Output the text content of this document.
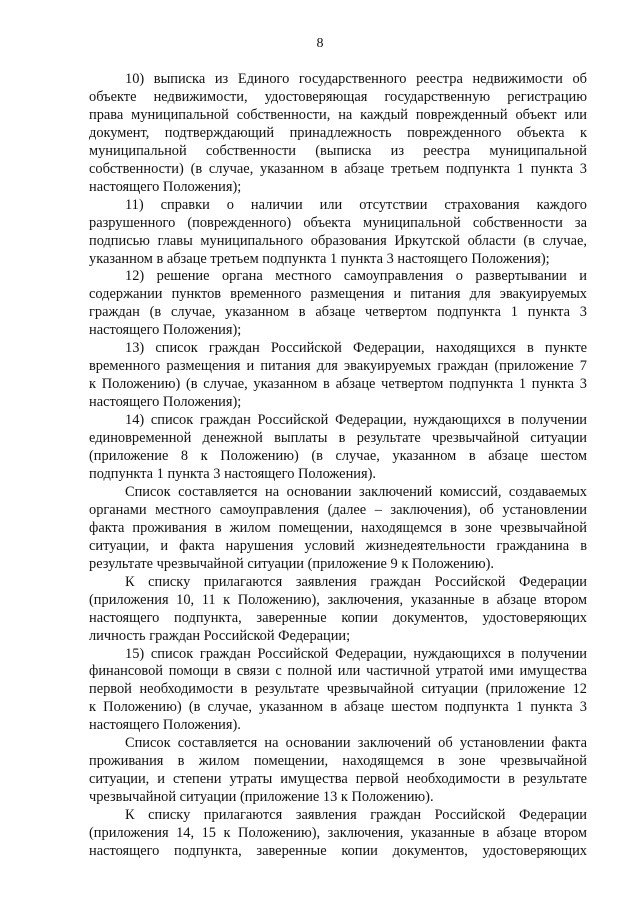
8

10) выписка из Единого государственного реестра недвижимости об
объекте недвижимости, удостоверяющая государственную регистрацию
права муниципальной собственности, на каждый поврежденный объект или
документ, подтверждающий принадлежность поврежденного объекта к
муниципальной собственности (выписка из реестра муниципальной
собственности) (в случае, указанном в абзаце третьем подпункта 1 пункта 3
настоящего Положения);

11) справки о наличии или отсутствии страхования каждого
разрушенного (поврежденного) объекта муниципальной собственности за
подписью главы муниципального образования Иркутской области (в случае,
указанном в абзаце третьем подпункта 1 пункта 3 настоящего Положения);

12) решение органа местного самоуправления о развертывании и
содержании пунктов временного размещения и питания для эвакуируемых
граждан (в случае, указанном в абзаце четвертом подпункта 1 пункта 3
настоящего Положения);

13) список граждан Российской Федерации, находящихся в пункте
временного размещения и питания для эвакуируемых граждан (приложение 7
к Положению) (в случае, указанном в абзаце четвертом подпункта 1 пункта 3
настоящего Положения);

14) список граждан Российской Федерации, нуждающихся в получении
единовременной денежной выплаты в результате чрезвычайной ситуации
(приложение 8 к Положению) (в случае, указанном в абзаце шестом
подпункта 1 пункта 3 настоящего Положения).

Список составляется на основании заключений комиссий, создаваемых
органами местного самоуправления (далее – заключения), об установлении
факта проживания в жилом помещении, находящемся в зоне чрезвычайной
ситуации, и факта нарушения условий жизнедеятельности гражданина в
результате чрезвычайной ситуации (приложение 9 к Положению).

К списку прилагаются заявления граждан Российской Федерации
(приложения 10, 11 к Положению), заключения, указанные в абзаце втором
настоящего подпункта, заверенные копии документов, удостоверяющих
личность граждан Российской Федерации;

15) список граждан Российской Федерации, нуждающихся в получении
финансовой помощи в связи с полной или частичной утратой ими имущества
первой необходимости в результате чрезвычайной ситуации (приложение 12
к Положению) (в случае, указанном в абзаце шестом подпункта 1 пункта 3
настоящего Положения).

Список составляется на основании заключений об установлении факта
проживания в жилом помещении, находящемся в зоне чрезвычайной
ситуации, и степени утраты имущества первой необходимости в результате
чрезвычайной ситуации (приложение 13 к Положению).

К списку прилагаются заявления граждан Российской Федерации
(приложения 14, 15 к Положению), заключения, указанные в абзаце втором
настоящего подпункта, заверенные копии документов, удостоверяющих
